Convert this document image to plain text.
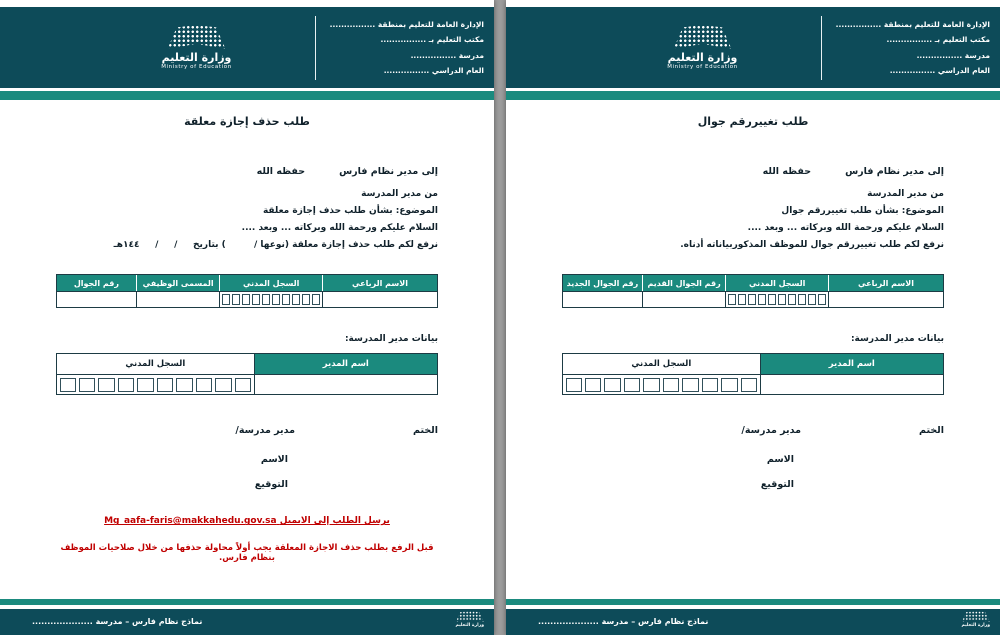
الإدارة العامة للتعليم بمنطقة ................
مكتب التعليم بـ ................
مدرسة ................
العام الدراسي ................
وزارة التعليم
Ministry of Education
طلب حذف إجازة معلقة
إلى مدير نظام فارس
حفظه الله
من مدير المدرسة
الموضوع: بشأن طلب حذف إجازة معلقة
السلام عليكم ورحمة الله وبركاته ... وبعد ....
نرفع لكم طلب حذف إجازة معلقة (نوعها /         ) بتاريخ     /     /     ١٤٤هـ
الاسم الرباعي
السجل المدني
المسمى الوظيفي
رقم الجوال
بيانات مدير المدرسة:
اسم المدير
السجل المدني
الختم
مدير مدرسة/
الاسم
التوقيع
يرسل الطلب إلى الايميل Mg_aafa-faris@makkahedu.gov.sa
قبل الرفع بطلب حذف الاجازة المعلقة يجب أولاً محاولة حذفها من خلال صلاحيات الموظف بنظام فارس.
نماذج نظام فارس – مدرسة ....................	وزارة التعليم
الإدارة العامة للتعليم بمنطقة ................
مكتب التعليم بـ ................
مدرسة ................
العام الدراسي ................
وزارة التعليم
Ministry of Education
طلب تغييررقم جوال
إلى مدير نظام فارس
حفظه الله
من مدير المدرسة
الموضوع: بشأن طلب تغييررقم جوال
السلام عليكم ورحمة الله وبركاته ... وبعد ....
نرفع لكم طلب تغييررقم جوال للموظف المذكوربياناته أدناه.
الاسم الرباعي
السجل المدني
رقم الجوال القديم
رقم الجوال الجديد
بيانات مدير المدرسة:
اسم المدير
السجل المدني
الختم
مدير مدرسة/
الاسم
التوقيع
نماذج نظام فارس – مدرسة ....................	وزارة التعليم
